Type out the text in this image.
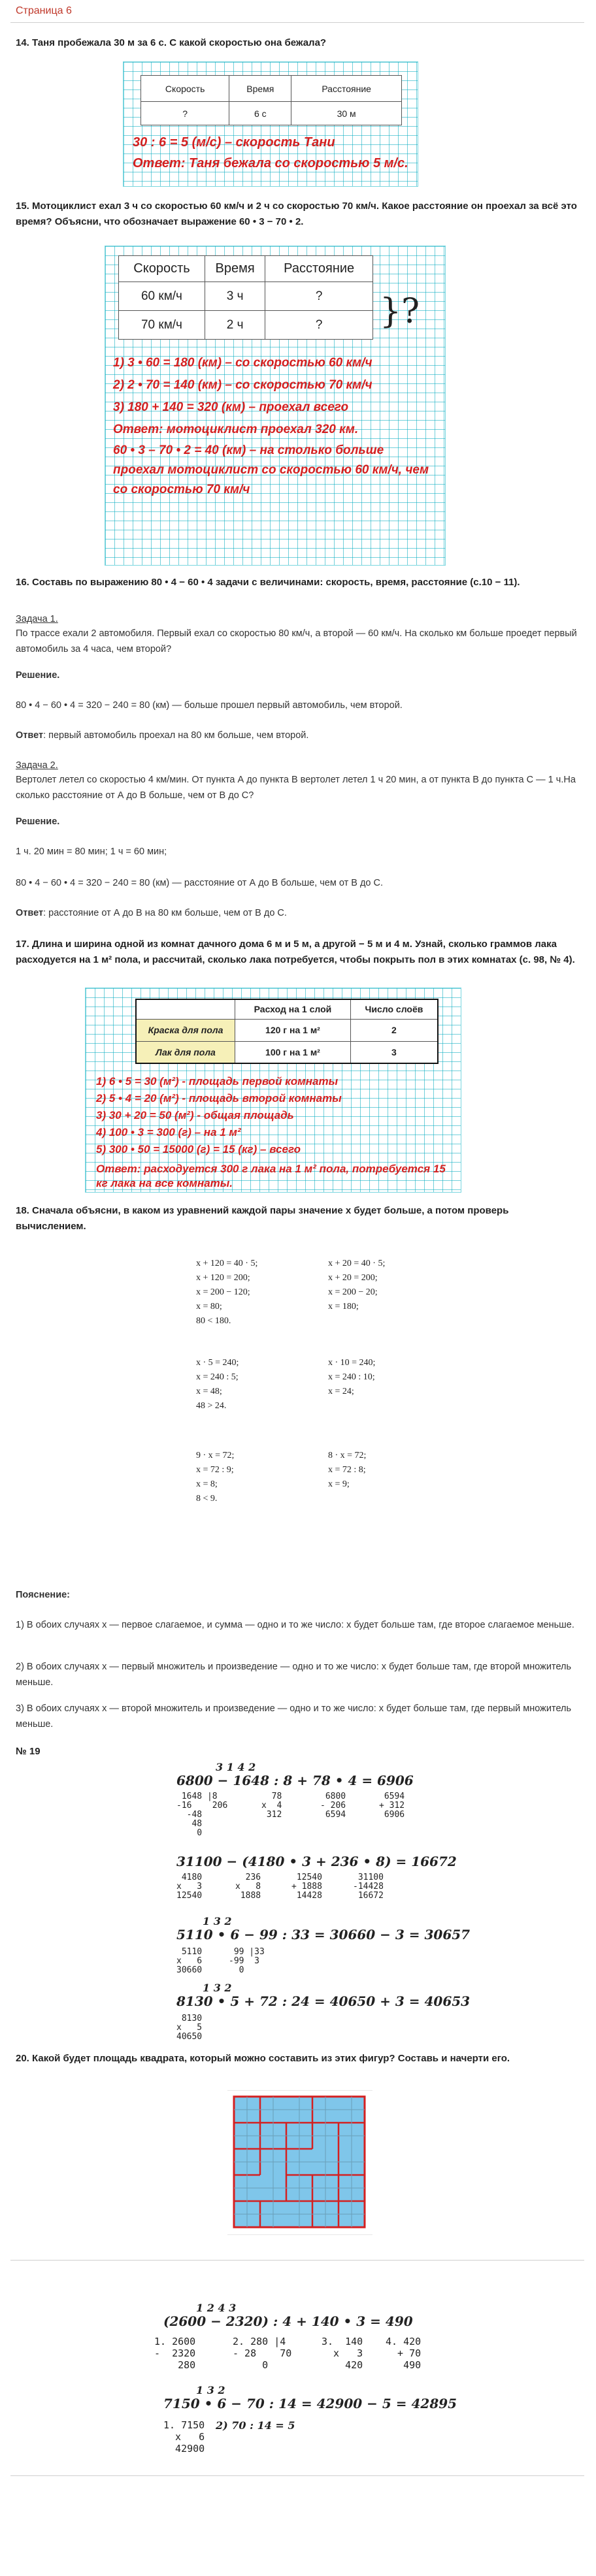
Страница 6
14. Таня пробежала 30 м за 6 с. С какой скоростью она бежала?
Скорость	Время	Расстояние
?	6 с	30 м
30 : 6 = 5 (м/с) – скорость Тани
Ответ: Таня бежала со скоростью 5 м/с.
15. Мотоциклист ехал 3 ч со скоростью 60 км/ч и 2 ч со скоростью 70 км/ч. Какое расстояние он проехал за всё это время? Объясни, что обозначает выражение 60 • 3 − 70 • 2.
Скорость	Время	Расстояние
60 км/ч	3 ч	?
70 км/ч	2 ч	? }?
1) 3 • 60 = 180 (км) – со скоростью 60 км/ч
2) 2 • 70 = 140 (км) – со скоростью 70 км/ч
3) 180 + 140 = 320 (км) – проехал всего
Ответ: мотоциклист проехал 320 км.
60 • 3 – 70 • 2 = 40 (км) – на столько больше проехал мотоциклист со скоростью 60 км/ч, чем со скоростью 70 км/ч
16. Составь по выражению 80 • 4 − 60 • 4 задачи с величинами: скорость, время, расстояние (с.10 − 11).
Задача 1.
По трассе ехали 2 автомобиля. Первый ехал со скоростью 80 км/ч, а второй — 60 км/ч. На сколько км больше проедет первый автомобиль за 4 часа, чем второй?
Решение.
80 • 4 − 60 • 4 = 320 − 240 = 80 (км) — больше прошел первый автомобиль, чем второй.
Ответ: первый автомобиль проехал на 80 км больше, чем второй.
Задача 2.
Вертолет летел со скоростью 4 км/мин. От пункта А до пункта В вертолет летел 1 ч 20 мин, а от пункта В до пункта С — 1 ч.На сколько расстояние от А до В больше, чем от В до С?
Решение.
1 ч. 20 мин = 80 мин; 1 ч = 60 мин;
80 • 4 − 60 • 4 = 320 − 240 = 80 (км) — расстояние от А до В больше, чем от В до С.
Ответ: расстояние от А до В на 80 км больше, чем от В до С.
17. Длина и ширина одной из комнат дачного дома 6 м и 5 м, а другой − 5 м и 4 м. Узнай, сколько граммов лака расходуется на 1 м² пола, и рассчитай, сколько лака потребуется, чтобы покрыть пол в этих комнатах (с. 98, № 4).
	Расход на 1 слой	Число слоёв
Краска для пола	120 г на 1 м²	2
Лак для пола	100 г на 1 м²	3
1) 6 • 5 = 30 (м²) - площадь первой комнаты
2) 5 • 4 = 20 (м²) - площадь второй комнаты
3) 30 + 20 = 50 (м²) - общая площадь
4) 100 • 3 = 300 (г) – на 1 м²
5) 300 • 50 = 15000 (г) = 15 (кг) – всего
Ответ: расходуется 300 г лака на 1 м² пола, потребуется 15 кг лака на все комнаты.
18. Сначала объясни, в каком из уравнений каждой пары значение x будет больше, а потом проверь вычислением.
x + 120 = 40 · 5;
x + 120 = 200;
x = 200 − 120;
x = 80;
80 < 180.
x + 20 = 40 · 5;
x + 20 = 200;
x = 200 − 20;
x = 180;
x · 5 = 240;
x = 240 : 5;
x = 48;
48 > 24.
x · 10 = 240;
x = 240 : 10;
x = 24;
9 · x = 72;
x = 72 : 9;
x = 8;
8 < 9.
8 · x = 72;
x = 72 : 8;
x = 9;
Пояснение:
1) В обоих случаях x — первое слагаемое, и сумма — одно и то же число: x будет больше там, где второе слагаемое меньше.
2) В обоих случаях x — первый множитель и произведение — одно и то же число: x будет больше там, где второй множитель меньше.
3) В обоих случаях x — второй множитель и произведение — одно и то же число: x будет больше там, где первый множитель меньше.
№ 19
3 1 4 2
6800 − 1648 : 8 + 78 • 4 = 6906
1648 |8
-16    206
-48
48
0
78
x  4
312
6800
- 206
6594
6594
+ 312
6906
31100 − (4180 • 3 + 236 • 8) = 16672
4180
x   3
12540
236
x   8
1888
12540
+ 1888
14428
31100
-14428
16672
1 3 2
5110 • 6 − 99 : 33 = 30660 − 3 = 30657
5110
x   6
30660
99 |33
-99  3
0
1 3 2
8130 • 5 + 72 : 24 = 40650 + 3 = 40653
8130
x   5
40650
20. Какой будет площадь квадрата, который можно составить из этих фигур? Составь и начерти его.
1 2 4 3
(2600 − 2320) : 4 + 140 • 3 = 490
1. 2600
-  2320
280
2. 280 |4
- 28    70
0
3.  140
x   3
420
4. 420
+ 70
490
1 3 2
7150 • 6 − 70 : 14 = 42900 − 5 = 42895
1. 7150
x   6
42900
2) 70 : 14 = 5
